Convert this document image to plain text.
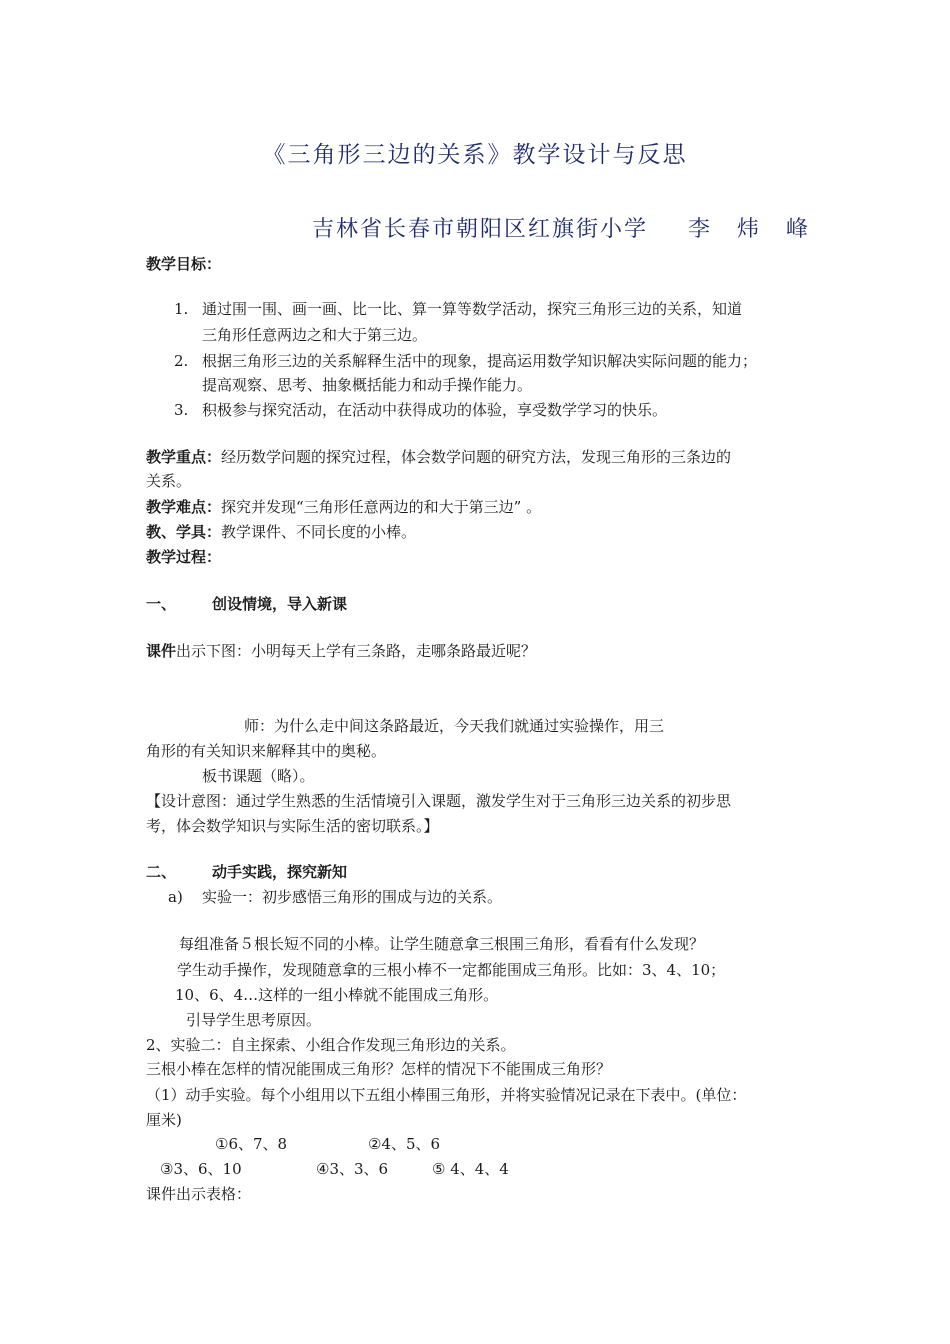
《三角形三边的关系》教学设计与反思
吉林省长春市朝阳区红旗街小学 李 炜 峰
教学目标：
1. 通过围一围、画一画、比一比、算一算等数学活动，探究三角形三边的关系，知道
三角形任意两边之和大于第三边。
2. 根据三角形三边的关系解释生活中的现象，提高运用数学知识解决实际问题的能力；
提高观察、思考、抽象概括能力和动手操作能力。
3. 积极参与探究活动，在活动中获得成功的体验，享受数学学习的快乐。
教学重点：经历数学问题的探究过程，体会数学问题的研究方法，发现三角形的三条边的
关系。
教学难点：探究并发现“三角形任意两边的和大于第三边” 。
教、学具：教学课件、不同长度的小棒。
教学过程：
一、 创设情境，导入新课
课件出示下图：小明每天上学有三条路，走哪条路最近呢？
师：为什么走中间这条路最近，今天我们就通过实验操作，用三
角形的有关知识来解释其中的奥秘。
板书课题（略）。
【设计意图：通过学生熟悉的生活情境引入课题，激发学生对于三角形三边关系的初步思
考，体会数学知识与实际生活的密切联系。】
二、 动手实践，探究新知
a) 实验一：初步感悟三角形的围成与边的关系。
每组准备５根长短不同的小棒。让学生随意拿三根围三角形，看看有什么发现？
学生动手操作，发现随意拿的三根小棒不一定都能围成三角形。比如：3、4、10；
10、6、4…这样的一组小棒就不能围成三角形。
引导学生思考原因。
2、实验二：自主探索、小组合作发现三角形边的关系。
三根小棒在怎样的情况能围成三角形？怎样的情况下不能围成三角形？
（1）动手实验。每个小组用以下五组小棒围三角形，并将实验情况记录在下表中。(单位：
厘米)
①6、7、8	②4、5、6
③3、6、10	④3、3、6	⑤ 4、4、4
课件出示表格：
